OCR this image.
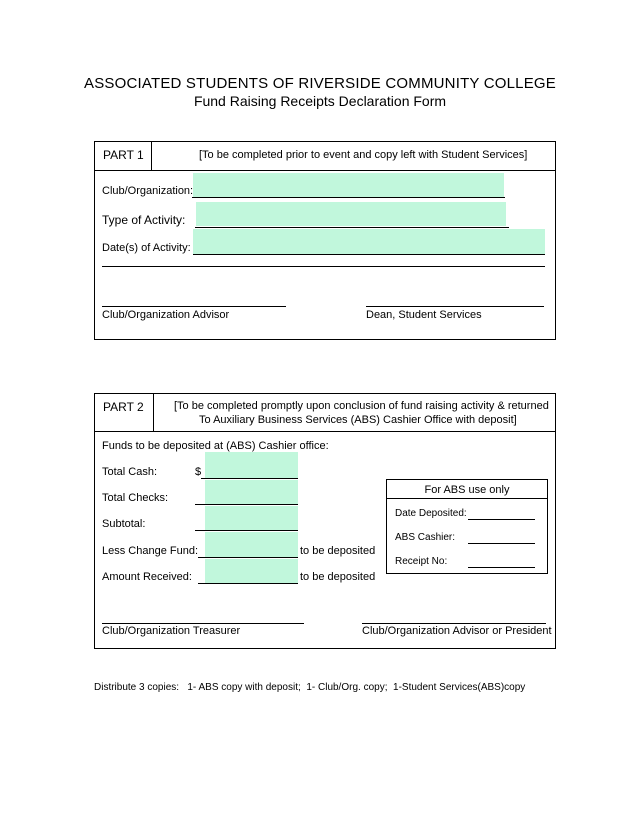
ASSOCIATED STUDENTS OF RIVERSIDE COMMUNITY COLLEGE
Fund Raising Receipts Declaration Form
PART 1	[To be completed prior to event and copy left with Student Services]
Club/Organization:
Type of Activity:
Date(s) of Activity:
Club/Organization Advisor	Dean, Student Services
PART 2	[To be completed promptly upon conclusion of fund raising activity & returned
To Auxiliary Business Services (ABS) Cashier Office with deposit]
Funds to be deposited at (ABS) Cashier office:
Total Cash:	$
Total Checks:
Subtotal:
Less Change Fund:	to be deposited
Amount Received:	to be deposited
For ABS use only
Date Deposited:
ABS Cashier:
Receipt No:
Club/Organization Treasurer	Club/Organization Advisor or President
Distribute 3 copies:   1- ABS copy with deposit;  1- Club/Org. copy;  1-Student Services(ABS)copy
